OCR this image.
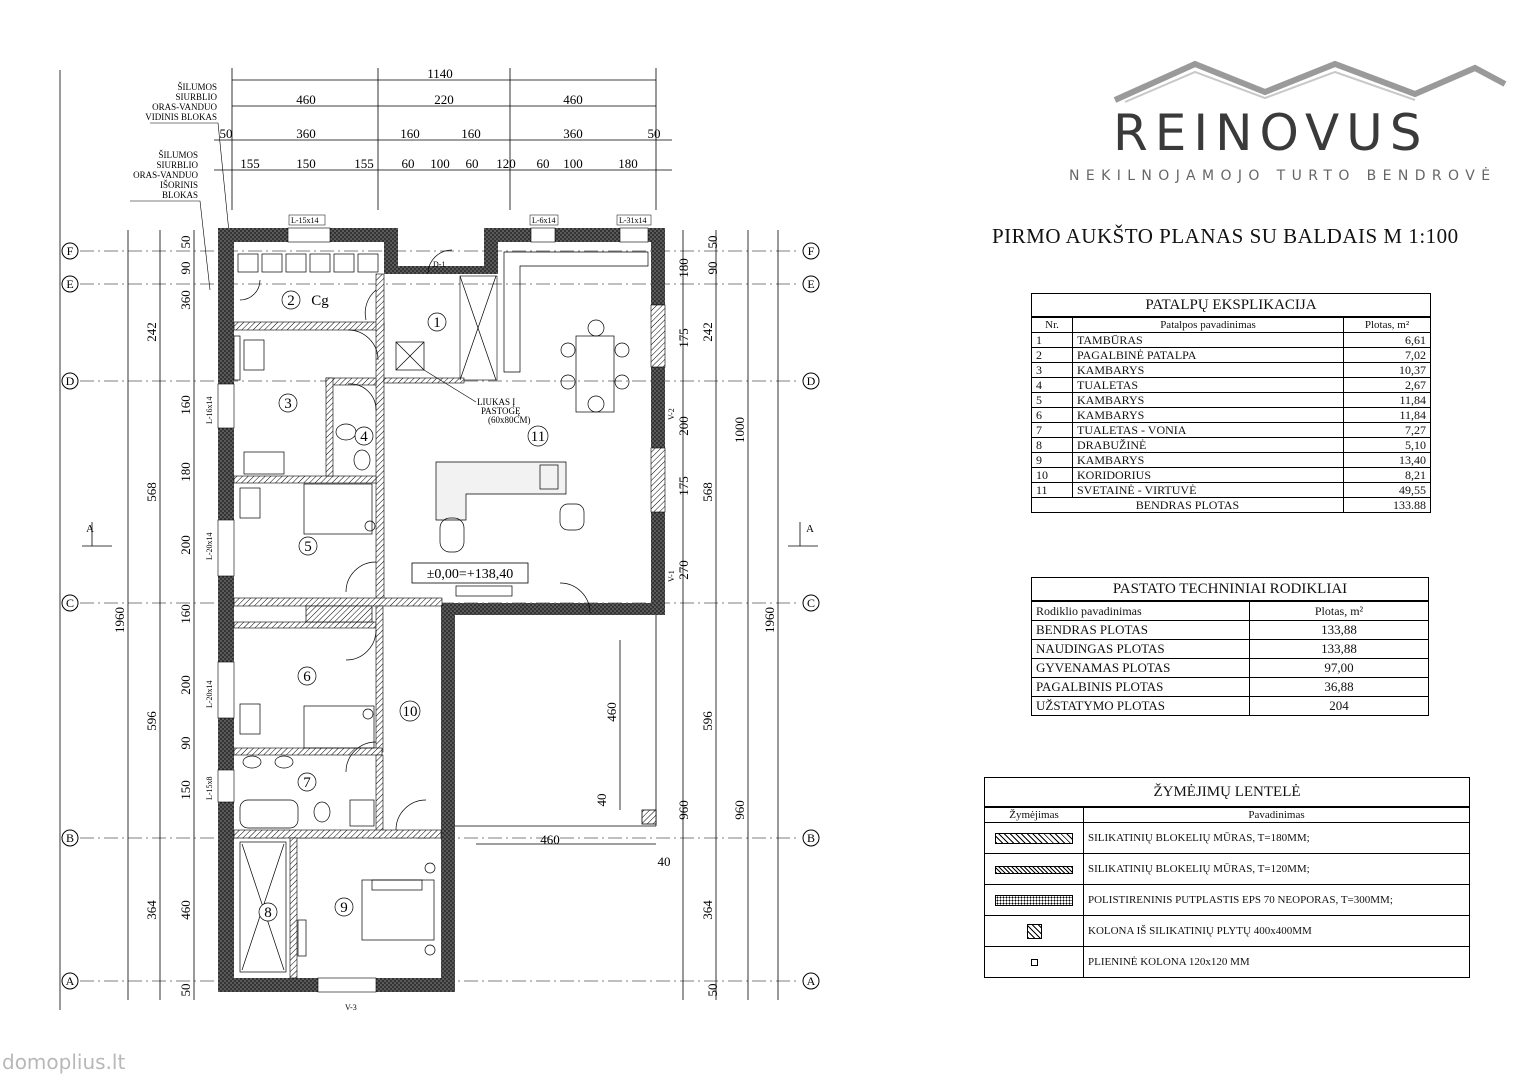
1140
460	220	460
50	360	160	160	360	50
155	150	155 60 100 60 120 60 100	180
F
E
D
C
B
A
F
E
D
C
B
A
1960
242
568
596
364
50
90
360
160
180
200
160
200
90
150
460
50
50
90
180
175
200
175
270
960
242
568
596
960
364
1000
1960
50
ŠILUMOS
SIURBLIO
ORAS-VANDUO
VIDINIS BLOKAS
ŠILUMOS
SIURBLIO
ORAS-VANDUO
IŠORINIS
BLOKAS
460
40
460
40
1
2 Cg
3
4
5
6
7
8	9
10
11
±0,00=+138,40
LIUKAS Į
PASTOGĘ
(60x80CM)
L-15x14	L-6x14	L-31x14
L-16x14
L-20x14
L-20x14
L-15x8
V-2
V-1
D-1
V-3
A	A
REINOVUS
NEKILNOJAMOJO TURTO BENDROVĖ
PIRMO AUKŠTO PLANAS SU BALDAIS M 1:100
PATALPŲ EKSPLIKACIJA		
Nr.	Patalpos pavadinimas	Plotas, m²
1	TAMBŪRAS	6,61
2	PAGALBINĖ PATALPA	7,02
3	KAMBARYS	10,37
4	TUALETAS	2,67
5	KAMBARYS	11,84
6	KAMBARYS	11,84
7	TUALETAS - VONIA	7,27
8	DRABUŽINĖ	5,10
9	KAMBARYS	13,40
10	KORIDORIUS	8,21
11	SVETAINĖ - VIRTUVĖ	49,55
BENDRAS PLOTAS		133.88
PASTATO TECHNINIAI RODIKLIAI	
Rodiklio pavadinimas	Plotas, m²
BENDRAS PLOTAS	133,88
NAUDINGAS PLOTAS	133,88
GYVENAMAS PLOTAS	97,00
PAGALBINIS PLOTAS	36,88
UŽSTATYMO PLOTAS	204
ŽYMĖJIMŲ LENTELĖ	
Žymėjimas	Pavadinimas
	SILIKATINIŲ BLOKELIŲ MŪRAS, T=180MM;
	SILIKATINIŲ BLOKELIŲ MŪRAS, T=120MM;
	POLISTIRENINIS PUTPLASTIS EPS 70 NEOPORAS, T=300MM;
	KOLONA IŠ SILIKATINIŲ PLYTŲ 400x400MM
	PLIENINĖ KOLONA 120x120 MM
domoplius.lt
